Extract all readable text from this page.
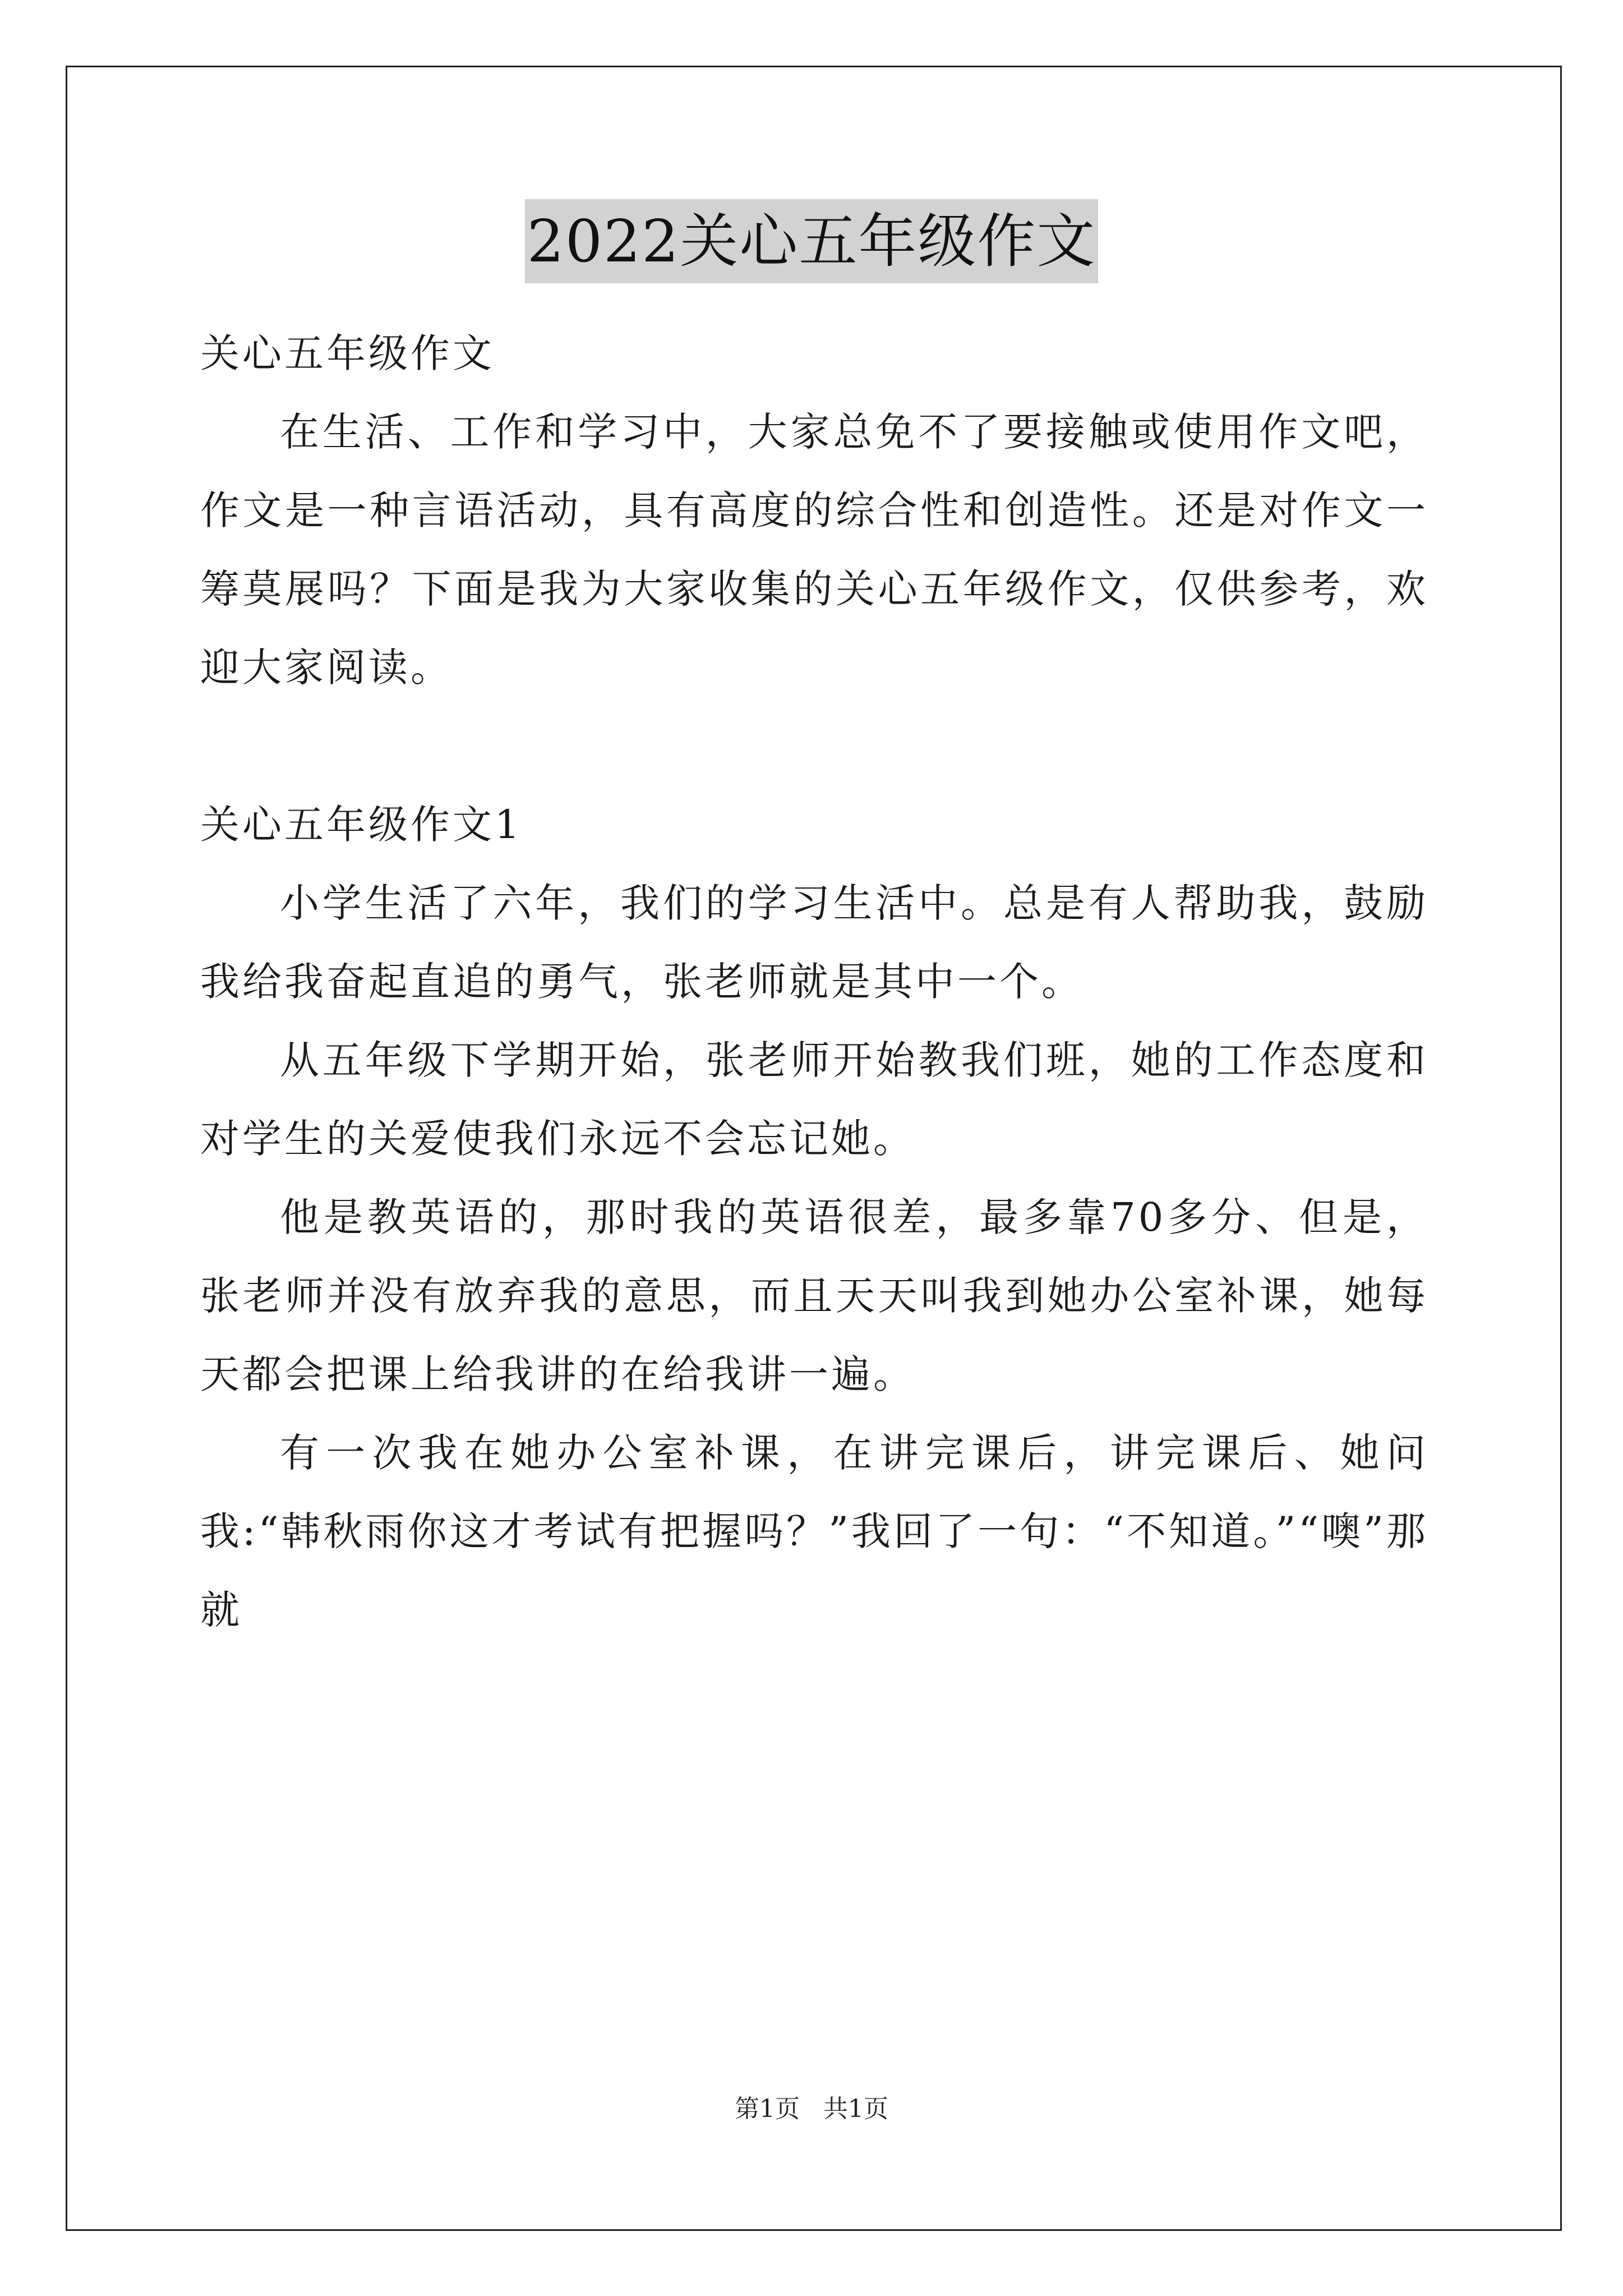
2022关心五年级作文

关心五年级作文

在生活、工作和学习中，大家总免不了要接触或使用作文吧，作文是一种言语活动，具有高度的综合性和创造性。还是对作文一筹莫展吗？下面是我为大家收集的关心五年级作文，仅供参考，欢迎大家阅读。

关心五年级作文1

小学生活了六年，我们的学习生活中。总是有人帮助我，鼓励我给我奋起直追的勇气，张老师就是其中一个。

从五年级下学期开始，张老师开始教我们班，她的工作态度和对学生的关爱使我们永远不会忘记她。

他是教英语的，那时我的英语很差，最多靠70多分、但是，张老师并没有放弃我的意思，而且天天叫我到她办公室补课，她每天都会把课上给我讲的在给我讲一遍。

有一次我在她办公室补课，在讲完课后，讲完课后、她问我:“韩秋雨你这才考试有把握吗？”我回了一句：“不知道。”“噢”那就

第1页   共1页
